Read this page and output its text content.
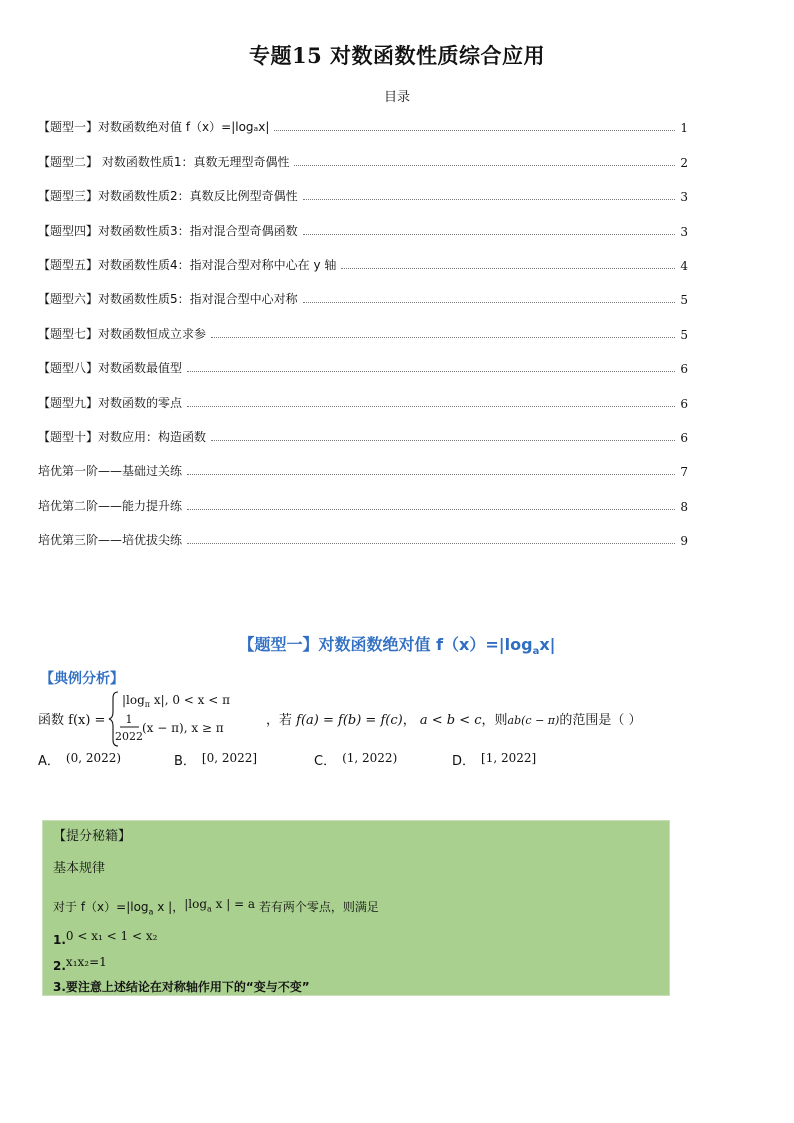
专题15 对数函数性质综合应用
目录
【题型一】对数函数绝对值 f（x）=|logₐx|	1
【题型二】 对数函数性质1：真数无理型奇偶性	2
【题型三】对数函数性质2：真数反比例型奇偶性	3
【题型四】对数函数性质3：指对混合型奇偶函数	3
【题型五】对数函数性质4：指对混合型对称中心在 y 轴	4
【题型六】对数函数性质5：指对混合型中心对称	5
【题型七】对数函数恒成立求参	5
【题型八】对数函数最值型	6
【题型九】对数函数的零点	6
【题型十】对数应用：构造函数	6
培优第一阶——基础过关练	7
培优第二阶——能力提升练	8
培优第三阶——培优拔尖练	9
【题型一】对数函数绝对值 $f(x)=|\log_ax|$
【典例分析】
函数 f(x) =
$|\log_\pi$ x|, 0 < x < π
1
2022
(x − π), x ≥ π	，若 f(a) = f(b) = f(c)， a < b < c，则ab(c − π)的范围是（ ）
A． (0, 2022)	B． [0, 2022]	C． (1, 2022)	D． [1, 2022]
【提分秘籍】
基本规律
对于 $f(x)=|\log_a$ x |，$|\log_a$ x | = a 若有两个零点，则满足
1.0 < x₁ < 1 < x₂
2.x₁x₂=1
3.要注意上述结论在对称轴作用下的“变与不变”
